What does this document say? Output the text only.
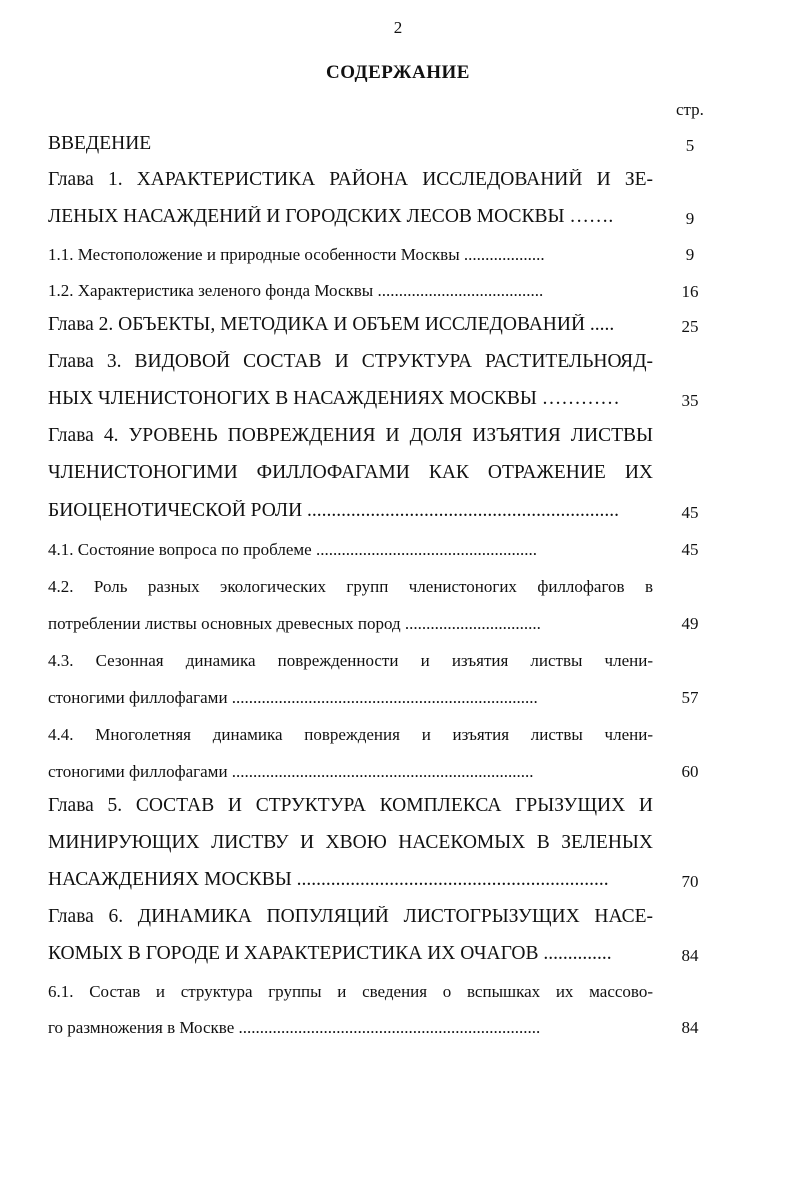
2
СОДЕРЖАНИЕ
стр.
ВВЕДЕНИЕ	5
Глава 1. ХАРАКТЕРИСТИКА РАЙОНА ИССЛЕДОВАНИЙ И ЗЕ-
ЛЕНЫХ НАСАЖДЕНИЙ И ГОРОДСКИХ ЛЕСОВ МОСКВЫ …….	9
1.1. Местоположение и природные особенности Москвы ...................	9
1.2. Характеристика зеленого фонда Москвы .......................................	16
Глава 2. ОБЪЕКТЫ, МЕТОДИКА И ОБЪЕМ ИССЛЕДОВАНИЙ .....	25
Глава 3. ВИДОВОЙ СОСТАВ И СТРУКТУРА РАСТИТЕЛЬНОЯД-
НЫХ ЧЛЕНИСТОНОГИХ В НАСАЖДЕНИЯХ МОСКВЫ …………	35
Глава 4. УРОВЕНЬ ПОВРЕЖДЕНИЯ И ДОЛЯ ИЗЪЯТИЯ ЛИСТВЫ
ЧЛЕНИСТОНОГИМИ ФИЛЛОФАГАМИ КАК ОТРАЖЕНИЕ ИХ
БИОЦЕНОТИЧЕСКОЙ РОЛИ ................................................................	45
4.1. Состояние вопроса по проблеме ....................................................	45
4.2. Роль разных экологических групп членистоногих филлофагов в
потреблении листвы основных древесных пород ................................	49
4.3. Сезонная динамика поврежденности и изъятия листвы члени-
стоногими филлофагами ........................................................................	57
4.4. Многолетняя динамика повреждения и изъятия листвы члени-
стоногими филлофагами .......................................................................	60
Глава 5. СОСТАВ И СТРУКТУРА КОМПЛЕКСА ГРЫЗУЩИХ И
МИНИРУЮЩИХ ЛИСТВУ И ХВОЮ НАСЕКОМЫХ В ЗЕЛЕНЫХ
НАСАЖДЕНИЯХ МОСКВЫ ................................................................	70
Глава 6. ДИНАМИКА ПОПУЛЯЦИЙ ЛИСТОГРЫЗУЩИХ НАСЕ-
КОМЫХ В ГОРОДЕ И ХАРАКТЕРИСТИКА ИХ ОЧАГОВ ..............	84
6.1. Состав и структура группы и сведения о вспышках их массово-
го размножения в Москве .......................................................................	84
